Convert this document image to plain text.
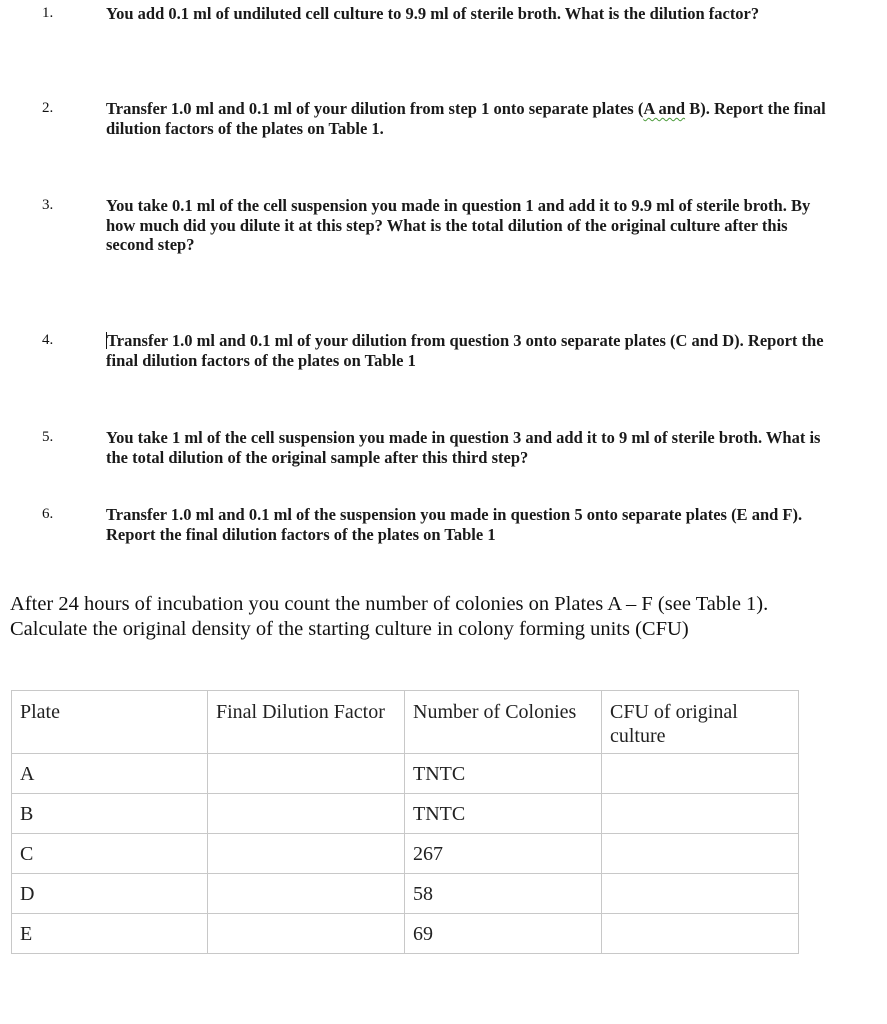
1.	You add 0.1 ml of undiluted cell culture to 9.9 ml of sterile broth. What is the dilution factor?
2.	Transfer 1.0 ml and 0.1 ml of your dilution from step 1 onto separate plates (A and B). Report the final dilution factors of the plates on Table 1.
3.	You take 0.1 ml of the cell suspension you made in question 1 and add it to 9.9 ml of sterile broth. By how much did you dilute it at this step? What is the total dilution of the original culture after this second step?
4.	Transfer 1.0 ml and 0.1 ml of your dilution from question 3 onto separate plates (C and D). Report the final dilution factors of the plates on Table 1
5.	You take 1 ml of the cell suspension you made in question 3 and add it to 9 ml of sterile broth. What is the total dilution of the original sample after this third step?
6.	Transfer 1.0 ml and 0.1 ml of the suspension you made in question 5 onto separate plates (E and F). Report the final dilution factors of the plates on Table 1
After 24 hours of incubation you count the number of colonies on Plates A – F (see Table 1). Calculate the original density of the starting culture in colony forming units (CFU)
Plate	Final Dilution Factor	Number of Colonies	CFU of original culture
A		TNTC	
B		TNTC	
C		267	
D		58	
E		69	
